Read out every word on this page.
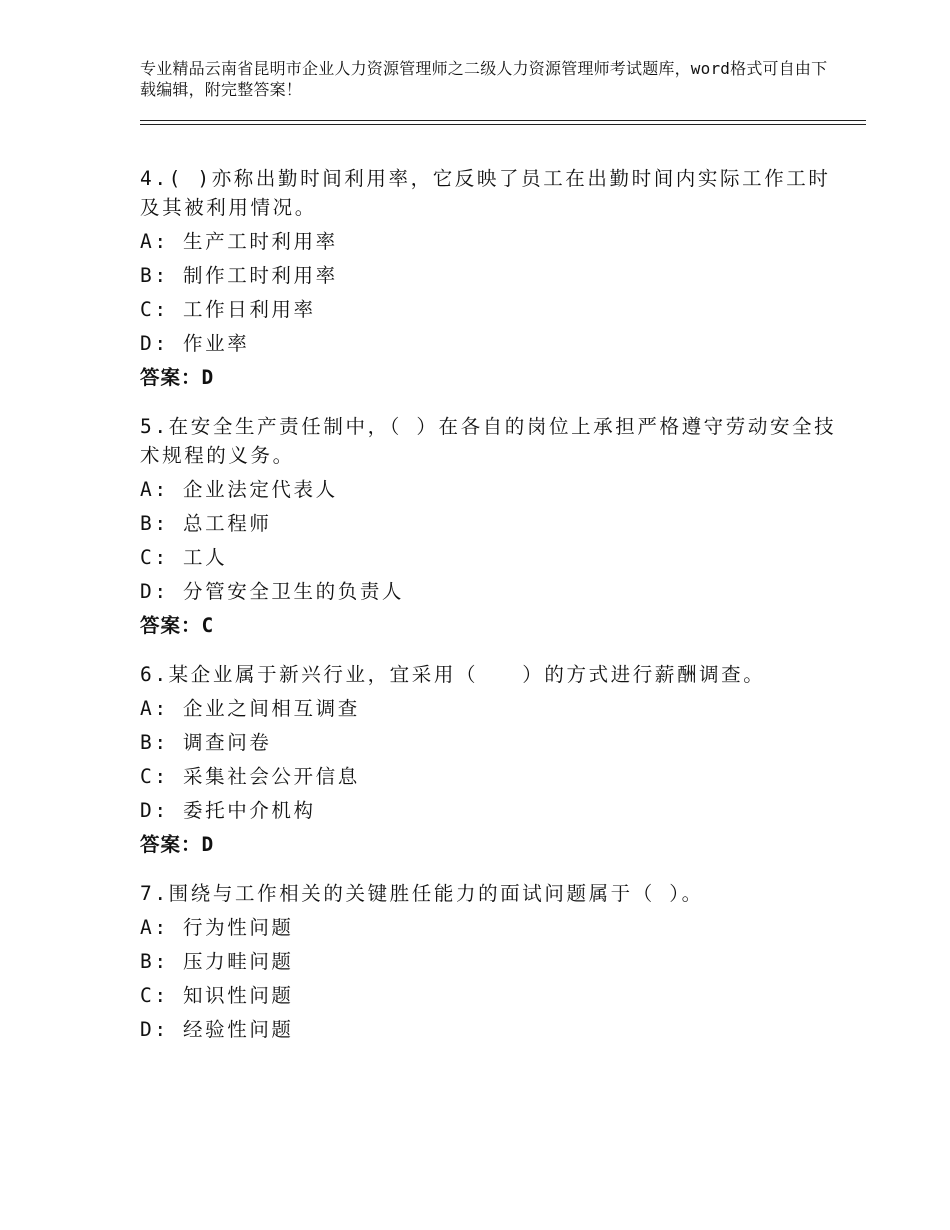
专业精品云南省昆明市企业人力资源管理师之二级人力资源管理师考试题库，word格式可自由下载编辑，附完整答案！
4.( )亦称出勤时间利用率，它反映了员工在出勤时间内实际工作工时及其被利用情况。
A: 生产工时利用率
B: 制作工时利用率
C: 工作日利用率
D: 作业率
答案：D
5.在安全生产责任制中，（ ）在各自的岗位上承担严格遵守劳动安全技术规程的义务。
A: 企业法定代表人
B: 总工程师
C: 工人
D: 分管安全卫生的负责人
答案：C
6.某企业属于新兴行业，宜采用（　　）的方式进行薪酬调查。
A: 企业之间相互调查
B: 调查问卷
C: 采集社会公开信息
D: 委托中介机构
答案：D
7.围绕与工作相关的关键胜任能力的面试问题属于（ ）。
A: 行为性问题
B: 压力畦问题
C: 知识性问题
D: 经验性问题
